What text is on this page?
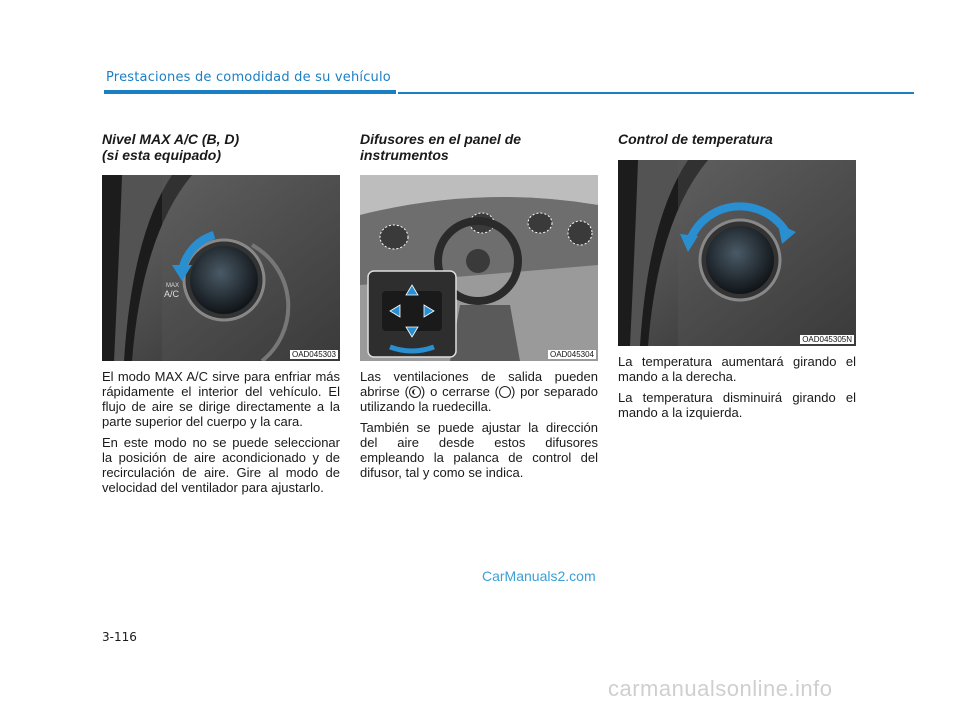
Prestaciones de comodidad de su vehículo
Nivel MAX A/C (B, D)
(si esta equipado)
MAX
A/C
OAD045303

El modo MAX A/C sirve para enfriar más rápidamente el interior del vehículo. El flujo de aire se dirige directamente a la parte superior del cuerpo y la cara.

En este modo no se puede seleccionar la posición de aire acondicionado y de recirculación de aire. Gire al modo de velocidad del ventilador para ajustarlo.

Difusores en el panel de
instrumentos
OAD045304

Las ventilaciones de salida pueden abrirse ( ) o cerrarse ( ) por separado utilizando la ruedecilla.

También se puede ajustar la dirección del aire desde estos difusores empleando la palanca de control del difusor, tal y como se indica.

Control de temperatura
OAD045305N

La temperatura aumentará girando el mando a la derecha.

La temperatura disminuirá girando el mando a la izquierda.

CarManuals2.com
3-116
carmanualsonline.info
